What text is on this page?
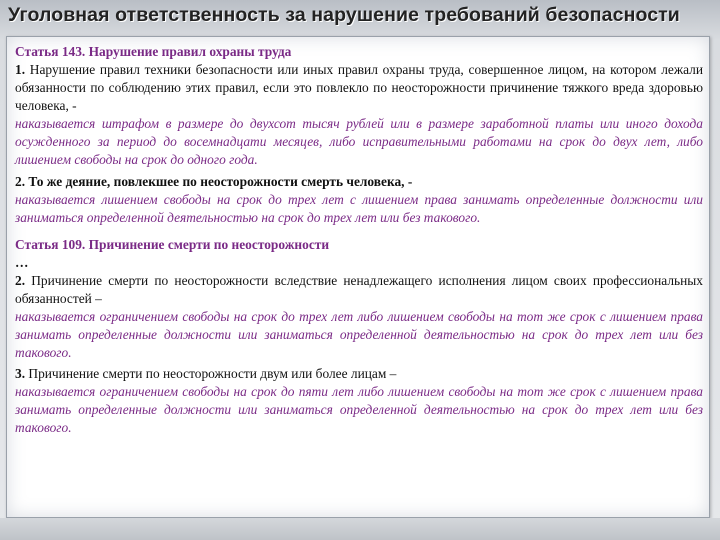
Уголовная ответственность за нарушение требований безопасности
Статья 143. Нарушение правил охраны труда
1. Нарушение правил техники безопасности или иных правил охраны труда, совершенное лицом, на котором лежали обязанности по соблюдению этих правил, если это повлекло по неосторожности причинение тяжкого вреда здоровью человека, -
наказывается штрафом в размере до двухсот тысяч рублей или в размере заработной платы или иного дохода осужденного за период до восемнадцати месяцев, либо исправительными работами на срок до двух лет, либо лишением свободы на срок до одного года.
2. То же деяние, повлекшее по неосторожности смерть человека, -
наказывается лишением свободы на срок до трех лет с лишением права занимать определенные должности или заниматься определенной деятельностью на срок до трех лет или без такового.
Статья 109. Причинение смерти по неосторожности
…
2. Причинение смерти по неосторожности вследствие ненадлежащего исполнения лицом своих профессиональных обязанностей –
наказывается ограничением свободы на срок до трех лет либо лишением свободы на тот же срок с лишением права занимать определенные должности или заниматься определенной деятельностью на срок до трех лет или без такового.
3. Причинение смерти по неосторожности двум или более лицам –
наказывается ограничением свободы на срок до пяти лет либо лишением свободы на тот же срок с лишением права занимать определенные должности или заниматься определенной деятельностью на срок до трех лет или без такового.
